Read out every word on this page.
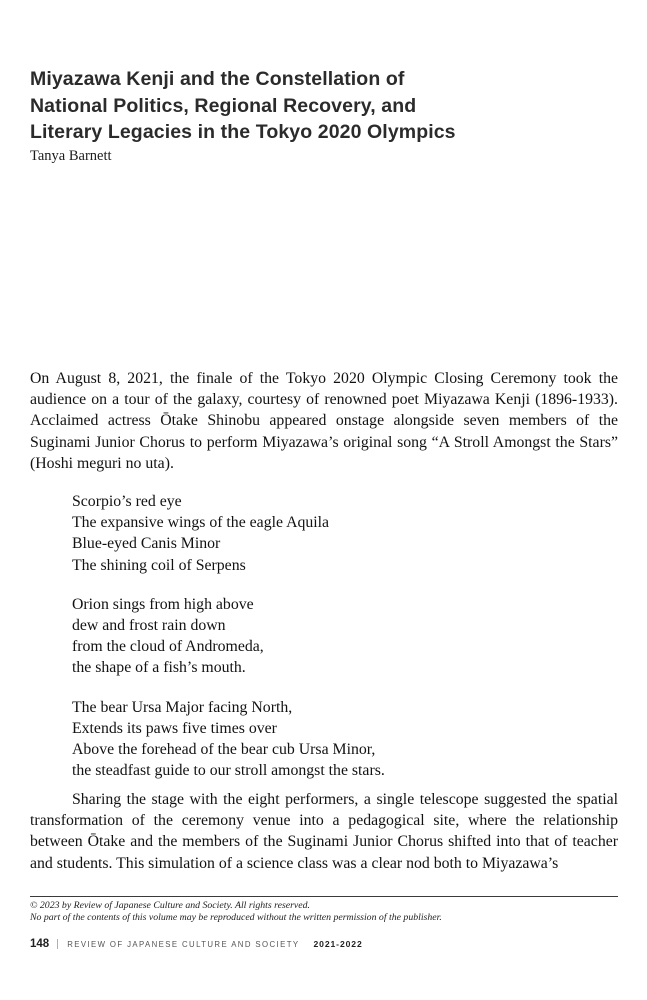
Miyazawa Kenji and the Constellation of
National Politics, Regional Recovery, and
Literary Legacies in the Tokyo 2020 Olympics
Tanya Barnett

On August 8, 2021, the finale of the Tokyo 2020 Olympic Closing Ceremony took the audience on a tour of the galaxy, courtesy of renowned poet Miyazawa Kenji (1896-1933). Acclaimed actress Ōtake Shinobu appeared onstage alongside seven members of the Suginami Junior Chorus to perform Miyazawa’s original song “A Stroll Amongst the Stars” (Hoshi meguri no uta).

Scorpio’s red eye
The expansive wings of the eagle Aquila
Blue-eyed Canis Minor
The shining coil of Serpens
Orion sings from high above
dew and frost rain down
from the cloud of Andromeda,
the shape of a fish’s mouth.
The bear Ursa Major facing North,
Extends its paws five times over
Above the forehead of the bear cub Ursa Minor,
the steadfast guide to our stroll amongst the stars.

Sharing the stage with the eight performers, a single telescope suggested the spatial transformation of the ceremony venue into a pedagogical site, where the relationship between Ōtake and the members of the Suginami Junior Chorus shifted into that of teacher and students. This simulation of a science class was a clear nod both to Miyazawa’s

© 2023 by Review of Japanese Culture and Society. All rights reserved.
No part of the contents of this volume may be reproduced without the written permission of the publisher.
148 REVIEW OF JAPANESE CULTURE AND SOCIETY 2021-2022
